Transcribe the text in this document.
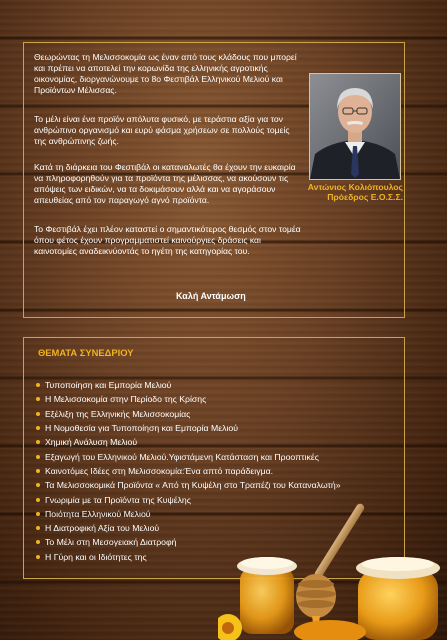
Θεωρώντας τη Μελισσοκομία ως έναν από τους κλάδους που μπορεί και πρέπει να αποτελεί την κορωνίδα της ελληνικής αγροτικής οικονομίας, διοργανώνουμε το 8ο Φεστιβάλ Ελληνικού Μελιού και Προϊόντων Μέλισσας.

Το μέλι είναι ένα προϊόν απόλυτα φυσικό, με τεράστια αξία για τον ανθρώπινο οργανισμό και ευρύ φάσμα χρήσεων σε πολλούς τομείς της ανθρώπινης ζωής.

Κατά τη διάρκεια του Φεστιβάλ οι καταναλωτές θα έχουν την ευκαιρία να πληροφορηθούν για τα προϊόντα της μέλισσας, να ακούσουν τις απόψεις των ειδικών, να τα δοκιμάσουν αλλά και να αγοράσουν απευθείας από τον παραγωγό αγνό προϊόντα.

Το Φεστιβάλ έχει πλέον καταστεί ο σημαντικότερος θεσμός στον τομέα όπου φέτος έχουν προγραμματιστεί καινούργιες δράσεις και καινοτομίες αναδεικνύοντάς το ηγέτη της κατηγορίας του.

Καλή Αντάμωση

Αντώνιος Κολιόπουλος

Πρόεδρος Ε.Ο.Σ.Σ.

ΘΕΜΑΤΑ ΣΥΝΕΔΡΙΟΥ
Τυποποίηση και Εμπορία Μελιού
Η Μελισσοκομία στην Περίοδο της Κρίσης
Εξέλιξη της Ελληνικής Μελισσοκομίας
Η Νομοθεσία για Τυποποίηση και Εμπορία Μελιού
Χημική Ανάλυση Μελιού
Εξαγωγή του Ελληνικού Μελιού.Υφιστάμενη Κατάσταση και Προοπτικές
Καινοτόμες Ιδέες στη Μελισσοκομία:Ένα απτό παράδειγμα.
Τα Μελισσοκομικά Προϊόντα « Από τη Κυψέλη στο Τραπέζι του Καταναλωτή»
Γνωριμία με τα Προϊόντα της Κυψέλης
Ποιότητα Ελληνικού Μελιού
Η Διατροφική Αξία του Μελιού
Το Μέλι στη Μεσογειακή Διατροφή
Η Γύρη και οι Ιδιότητες της
